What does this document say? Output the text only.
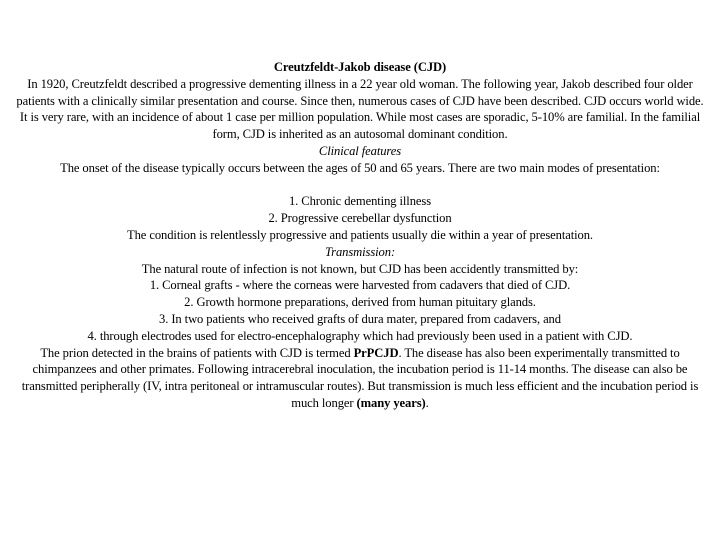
Creutzfeldt-Jakob disease (CJD)

In 1920, Creutzfeldt described a progressive dementing illness in a 22 year old woman. The following year, Jakob described four older patients with a clinically similar presentation and course. Since then, numerous cases of CJD have been described. CJD occurs world wide. It is very rare, with an incidence of about 1 case per million population. While most cases are sporadic, 5-10% are familial. In the familial form, CJD is inherited as an autosomal dominant condition.

Clinical features

The onset of the disease typically occurs between the ages of 50 and 65 years. There are two main modes of presentation:

1. Chronic dementing illness

2. Progressive cerebellar dysfunction

The condition is relentlessly progressive and patients usually die within a year of presentation.

Transmission:

The natural route of infection is not known, but CJD has been accidently transmitted by:

1. Corneal grafts - where the corneas were harvested from cadavers that died of CJD.

2. Growth hormone preparations, derived from human pituitary glands.

3. In two patients who received grafts of dura mater, prepared from cadavers, and

4. through electrodes used for electro-encephalography which had previously been used in a patient with CJD.

The prion detected in the brains of patients with CJD is termed PrPCJD. The disease has also been experimentally transmitted to chimpanzees and other primates. Following intracerebral inoculation, the incubation period is 11-14 months. The disease can also be transmitted peripherally (IV, intra peritoneal or intramuscular routes). But transmission is much less efficient and the incubation period is much longer (many years).
